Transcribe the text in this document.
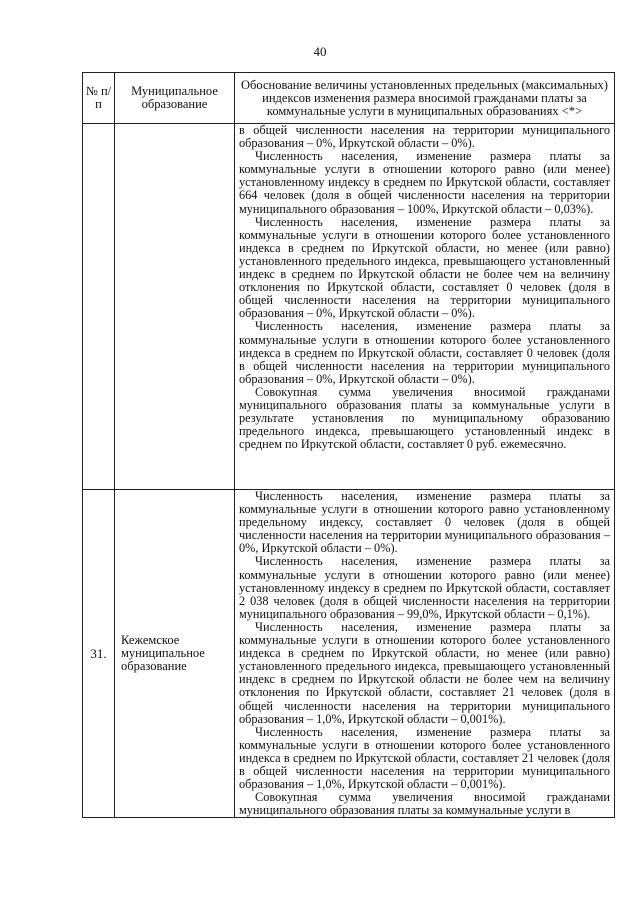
40
№ п/п	Муниципальное образование	Обоснование величины установленных предельных (максимальных) индексов изменения размера вносимой гражданами платы за коммунальные услуги в муниципальных образованиях <*>

		в общей численности населения на территории муниципального образования – 0%, Иркутской области – 0%).

Численность населения, изменение размера платы за коммунальные услуги в отношении которого равно (или менее) установленному индексу в среднем по Иркутской области, составляет 664 человек (доля в общей численности населения на территории муниципального образования – 100%, Иркутской области – 0,03%).

Численность населения, изменение размера платы за коммунальные услуги в отношении которого более установленного индекса в среднем по Иркутской области, но менее (или равно) установленного предельного индекса, превышающего установленный индекс в среднем по Иркутской области не более чем на величину отклонения по Иркутской области, составляет 0 человек (доля в общей численности населения на территории муниципального образования – 0%, Иркутской области – 0%).

Численность населения, изменение размера платы за коммунальные услуги в отношении которого более установленного индекса в среднем по Иркутской области, составляет 0 человек (доля в общей численности населения на территории муниципального образования – 0%, Иркутской области – 0%).

Совокупная сумма увеличения вносимой гражданами муниципального образования платы за коммунальные услуги в результате установления по муниципальному образованию предельного индекса, превышающего установленный индекс в среднем по Иркутской области, составляет 0 руб. ежемесячно.

31.	Кежемское муниципальное образование	Численность населения, изменение размера платы за коммунальные услуги в отношении которого равно установленному предельному индексу, составляет 0 человек (доля в общей численности населения на территории муниципального образования – 0%, Иркутской области – 0%).

Численность населения, изменение размера платы за коммунальные услуги в отношении которого равно (или менее) установленному индексу в среднем по Иркутской области, составляет 2 038 человек (доля в общей численности населения на территории муниципального образования – 99,0%, Иркутской области – 0,1%).

Численность населения, изменение размера платы за коммунальные услуги в отношении которого более установленного индекса в среднем по Иркутской области, но менее (или равно) установленного предельного индекса, превышающего установленный индекс в среднем по Иркутской области не более чем на величину отклонения по Иркутской области, составляет 21 человек (доля в общей численности населения на территории муниципального образования – 1,0%, Иркутской области – 0,001%).

Численность населения, изменение размера платы за коммунальные услуги в отношении которого более установленного индекса в среднем по Иркутской области, составляет 21 человек (доля в общей численности населения на территории муниципального образования – 1,0%, Иркутской области – 0,001%).

Совокупная сумма увеличения вносимой гражданами муниципального образования платы за коммунальные услуги в
